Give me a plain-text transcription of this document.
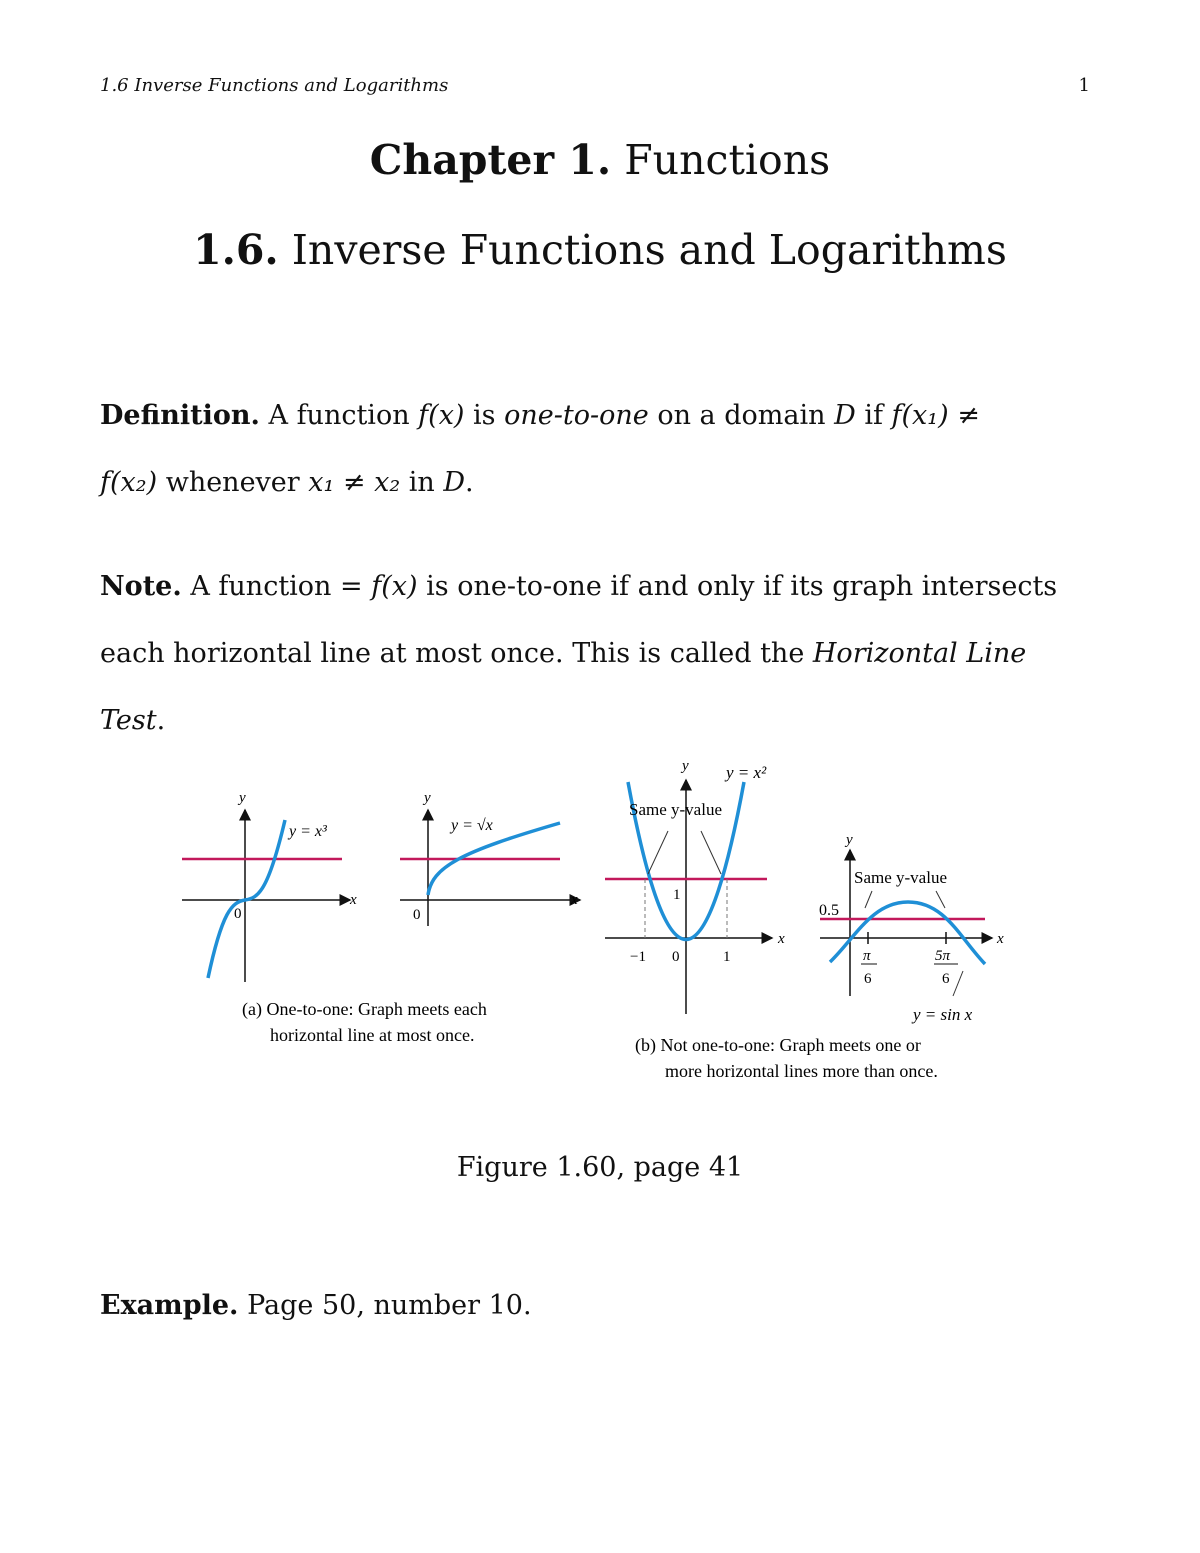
1.6 Inverse Functions and Logarithms	1
Chapter 1. Functions
1.6. Inverse Functions and Logarithms
Definition. A function f(x) is one-to-one on a domain D if f(x₁) ≠
f(x₂) whenever x₁ ≠ x₂ in D.
Note. A function = f(x) is one-to-one if and only if its graph intersects
each horizontal line at most once. This is called the Horizontal Line Test.
y
x
0
y = x³
y
x
0
y = √x
(a) One-to-one: Graph meets each
horizontal line at most once.
y
x
y = x²
Same y-value
1
−1 0	1
y
x
Same y-value
0.5
π
6
5π
6
y = sin x
(b) Not one-to-one: Graph meets one or
more horizontal lines more than once.
Figure 1.60, page 41
Example. Page 50, number 10.
